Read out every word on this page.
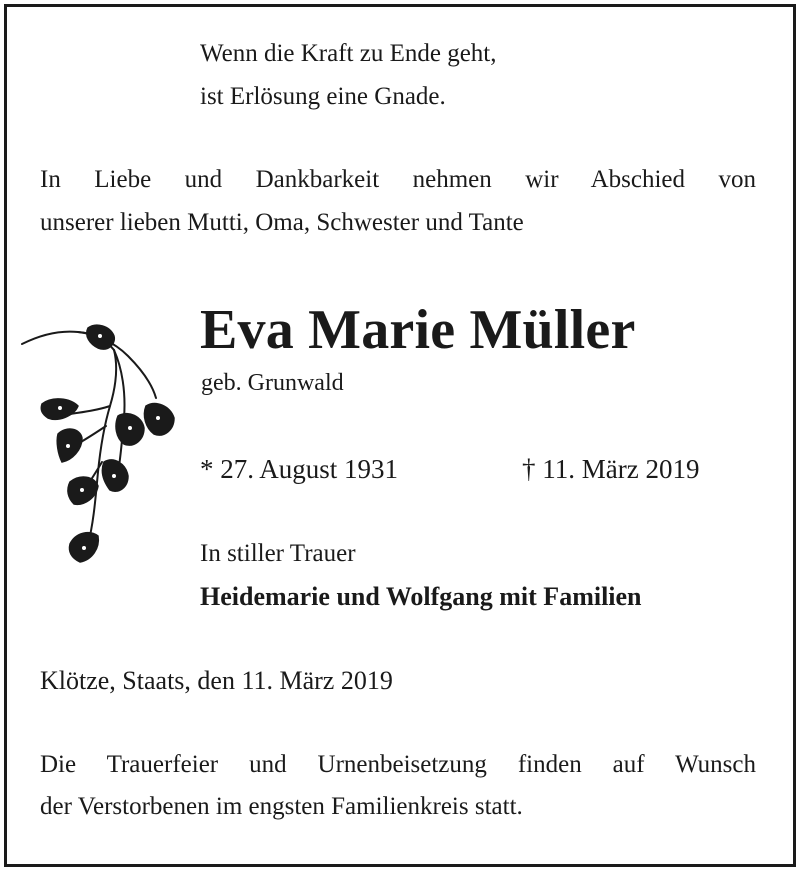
Wenn die Kraft zu Ende geht,
ist Erlösung eine Gnade.
In Liebe und Dankbarkeit nehmen wir Abschied von
unserer lieben Mutti, Oma, Schwester und Tante
Eva Marie Müller
geb. Grunwald
* 27. August 1931	† 11. März 2019
In stiller Trauer
Heidemarie und Wolfgang mit Familien
Klötze, Staats, den 11. März 2019
Die Trauerfeier und Urnenbeisetzung finden auf Wunsch
der Verstorbenen im engsten Familienkreis statt.
